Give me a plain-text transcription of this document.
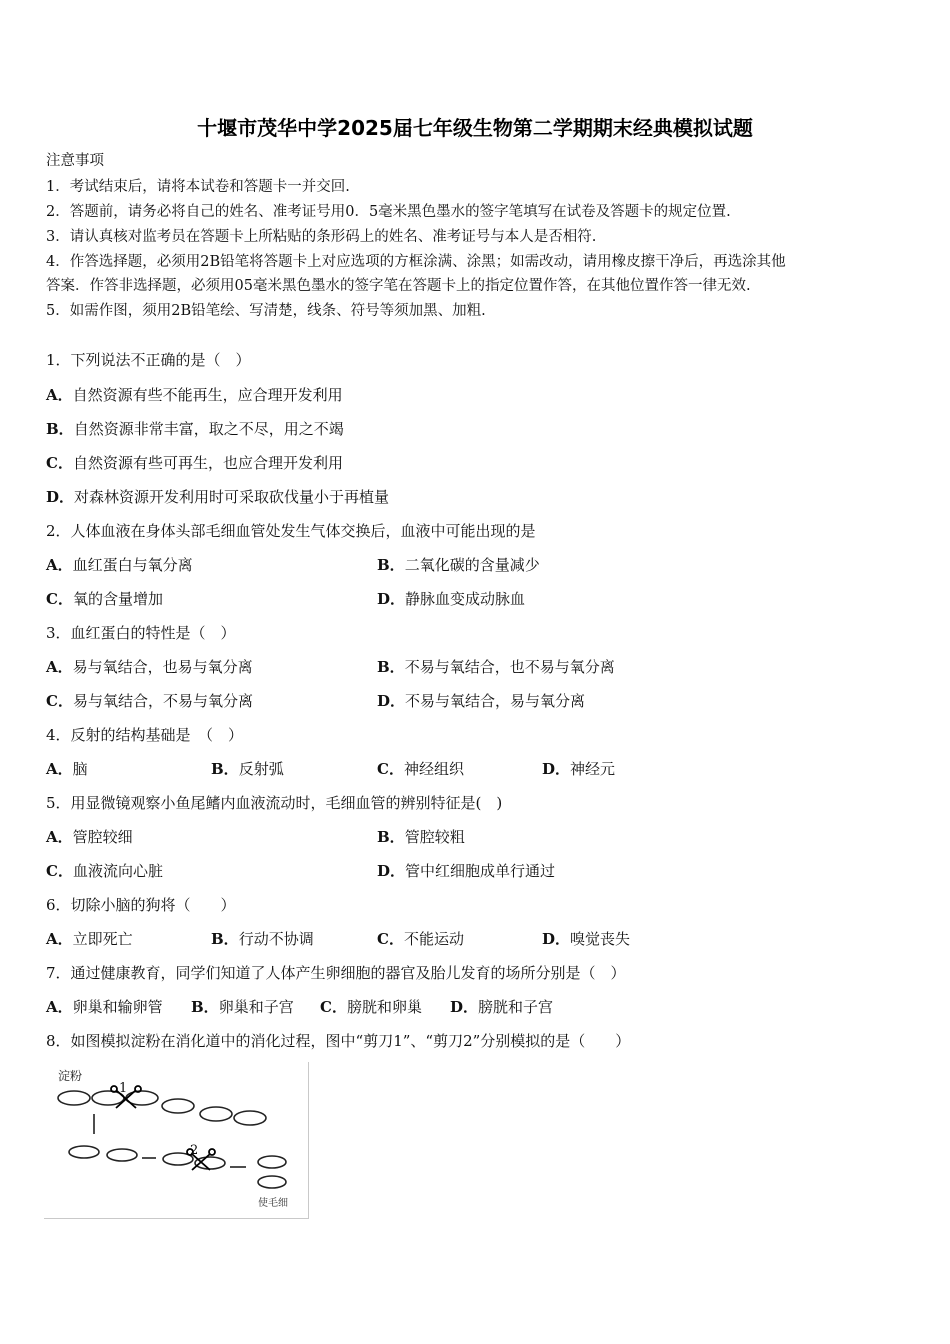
十堰市茂华中学2025届七年级生物第二学期期末经典模拟试题
注意事项
1．考试结束后，请将本试卷和答题卡一并交回.
2．答题前，请务必将自己的姓名、准考证号用0．5毫米黑色墨水的签字笔填写在试卷及答题卡的规定位置.
3．请认真核对监考员在答题卡上所粘贴的条形码上的姓名、准考证号与本人是否相符.
4．作答选择题，必须用2B铅笔将答题卡上对应选项的方框涂满、涂黑；如需改动，请用橡皮擦干净后，再选涂其他
答案．作答非选择题，必须用05毫米黑色墨水的签字笔在答题卡上的指定位置作答，在其他位置作答一律无效.
5．如需作图，须用2B铅笔绘、写清楚，线条、符号等须加黑、加粗.
1．下列说法不正确的是（　）
A．自然资源有些不能再生，应合理开发利用
B．自然资源非常丰富，取之不尽，用之不竭
C．自然资源有些可再生，也应合理开发利用
D．对森林资源开发利用时可采取砍伐量小于再植量
2．人体血液在身体头部毛细血管处发生气体交换后，血液中可能出现的是
A．血红蛋白与氧分离	B．二氧化碳的含量减少
C．氧的含量增加	D．静脉血变成动脉血
3．血红蛋白的特性是（　）
A．易与氧结合，也易与氧分离	B．不易与氧结合，也不易与氧分离
C．易与氧结合，不易与氧分离	D．不易与氧结合，易与氧分离
4．反射的结构基础是　（　）
A．脑	B．反射弧	C．神经组织	D．神经元
5．用显微镜观察小鱼尾鳍内血液流动时，毛细血管的辨别特征是(　)
A．管腔较细	B．管腔较粗
C．血液流向心脏	D．管中红细胞成单行通过
6．切除小脑的狗将（　　）
A．立即死亡	B．行动不协调	C．不能运动	D．嗅觉丧失
7．通过健康教育，同学们知道了人体产生卵细胞的器官及胎儿发育的场所分别是（　）
A．卵巢和输卵管 B．卵巢和子宫 C．膀胱和卵巢 D．膀胱和子宫
8．如图模拟淀粉在消化道中的消化过程，图中“剪刀1”、“剪刀2”分别模拟的是（　　）
淀粉
1
2
使毛细
